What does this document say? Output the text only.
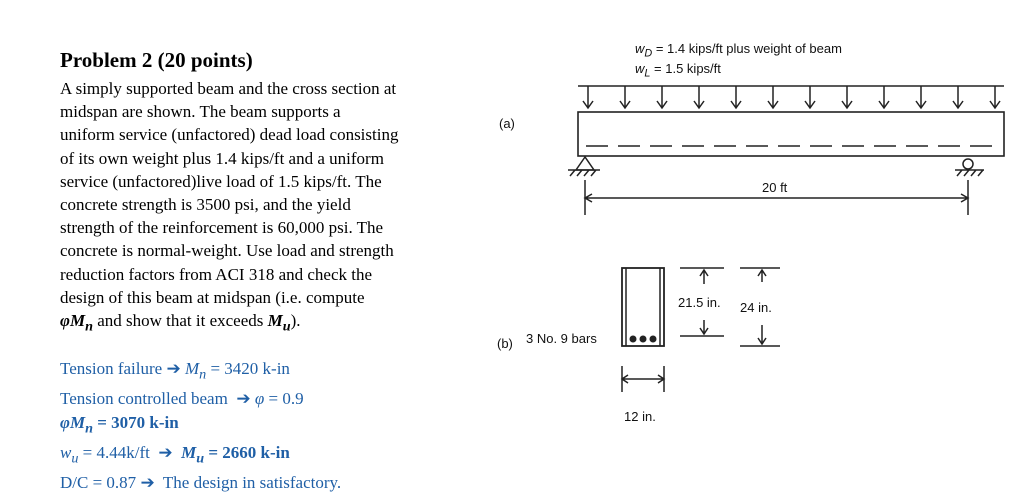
Problem 2 (20 points)
A simply supported beam and the cross section at
midspan are shown. The beam supports a
uniform service (unfactored) dead load consisting
of its own weight plus 1.4 kips/ft and a uniform
service (unfactored)live load of 1.5 kips/ft. The
concrete strength is 3500 psi, and the yield
strength of the reinforcement is 60,000 psi. The
concrete is normal-weight. Use load and strength
reduction factors from ACI 318 and check the
design of this beam at midspan (i.e. compute
$\varphi M_n$ and show that it exceeds $M_u$).
Tension failure ➔ $M_n = 3420$ k-in
Tension controlled beam ➔ φ = 0.9
$\varphi M_n = 3070$ k-in
$w_u = 4.44k/ft$ ➔ $M_u = 2660$ k-in
D/C = 0.87 ➔ The design in satisfactory.
$w_D = 1.4$ kips/ft plus weight of beam
$w_L = 1.5$ kips/ft
(a)
20 ft
(b) 3 No. 9 bars
21.5 in. 24 in.
12 in.
